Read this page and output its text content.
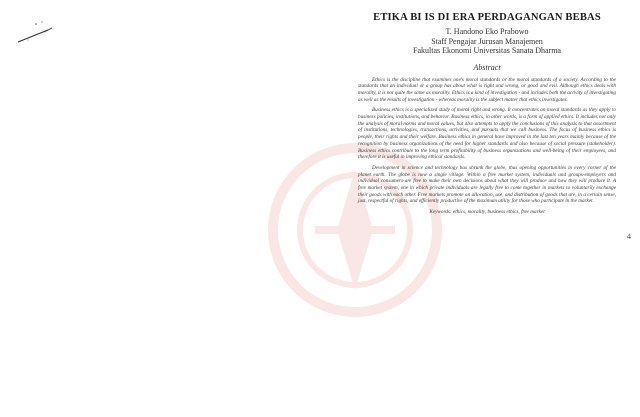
ETIKA BI IS DI ERA PERDAGANGAN BEBAS

T. Handono Eko Prabowo

Staff Pengajar Jurusan Manajemen

Fakultas Ekonomi Universitas Sanata Dharma

Abstract

Ethics is the discipline that examines one's moral standards or the moral standards of a society. According to the standards that an individual or a group has about what is right and wrong, or good and evil. Although ethics deals with morality, it is not quite the same as morality. Ethics is a kind of investigation - and includes both the activity of investigating as well as the results of investigation - whereas morality is the subject matter that ethics investigates.

Business ethics is a specialized study of moral right and wrong. It concentrates on moral standards as they apply to business policies, institutions, and behavior. Business ethics, in other words, is a form of applied ethics. It includes not only the analysis of moral norms and moral values, but also attempts to apply the conclusions of this analysis to that assortment of institutions, technologies, transactions, activities, and pursuits that we call business. The focus of business ethics is people, their rights and their welfare. Business ethics in general have improved in the last ten years mainly because of the recognition by business organizations of the need for higher standards and also because of social pressure (stakeholder). Business ethics contribute to the long term profitability of business organizations and well-being of their employees, and therefore it is useful in improving ethical standards.

Development in science and technology has shrunk the globe, thus opening opportunities in every corner of the planet earth. The globe is now a single village. Within a free market system, individuals and groups-employers and individual consumers-are free to make their own decisions about what they will produce and how they will produce it. A free market system, one in which private individuals are legally free to come together in markets to voluntarily exchange their goods with each other. Free markets promote an allocation, use, and distribution of goods that are, in a certain sense, just, respectful of rights, and efficiently productive of the maximum utility for those who participate in the market.

Keywords: ethics, morality, business ethics, free market

4
